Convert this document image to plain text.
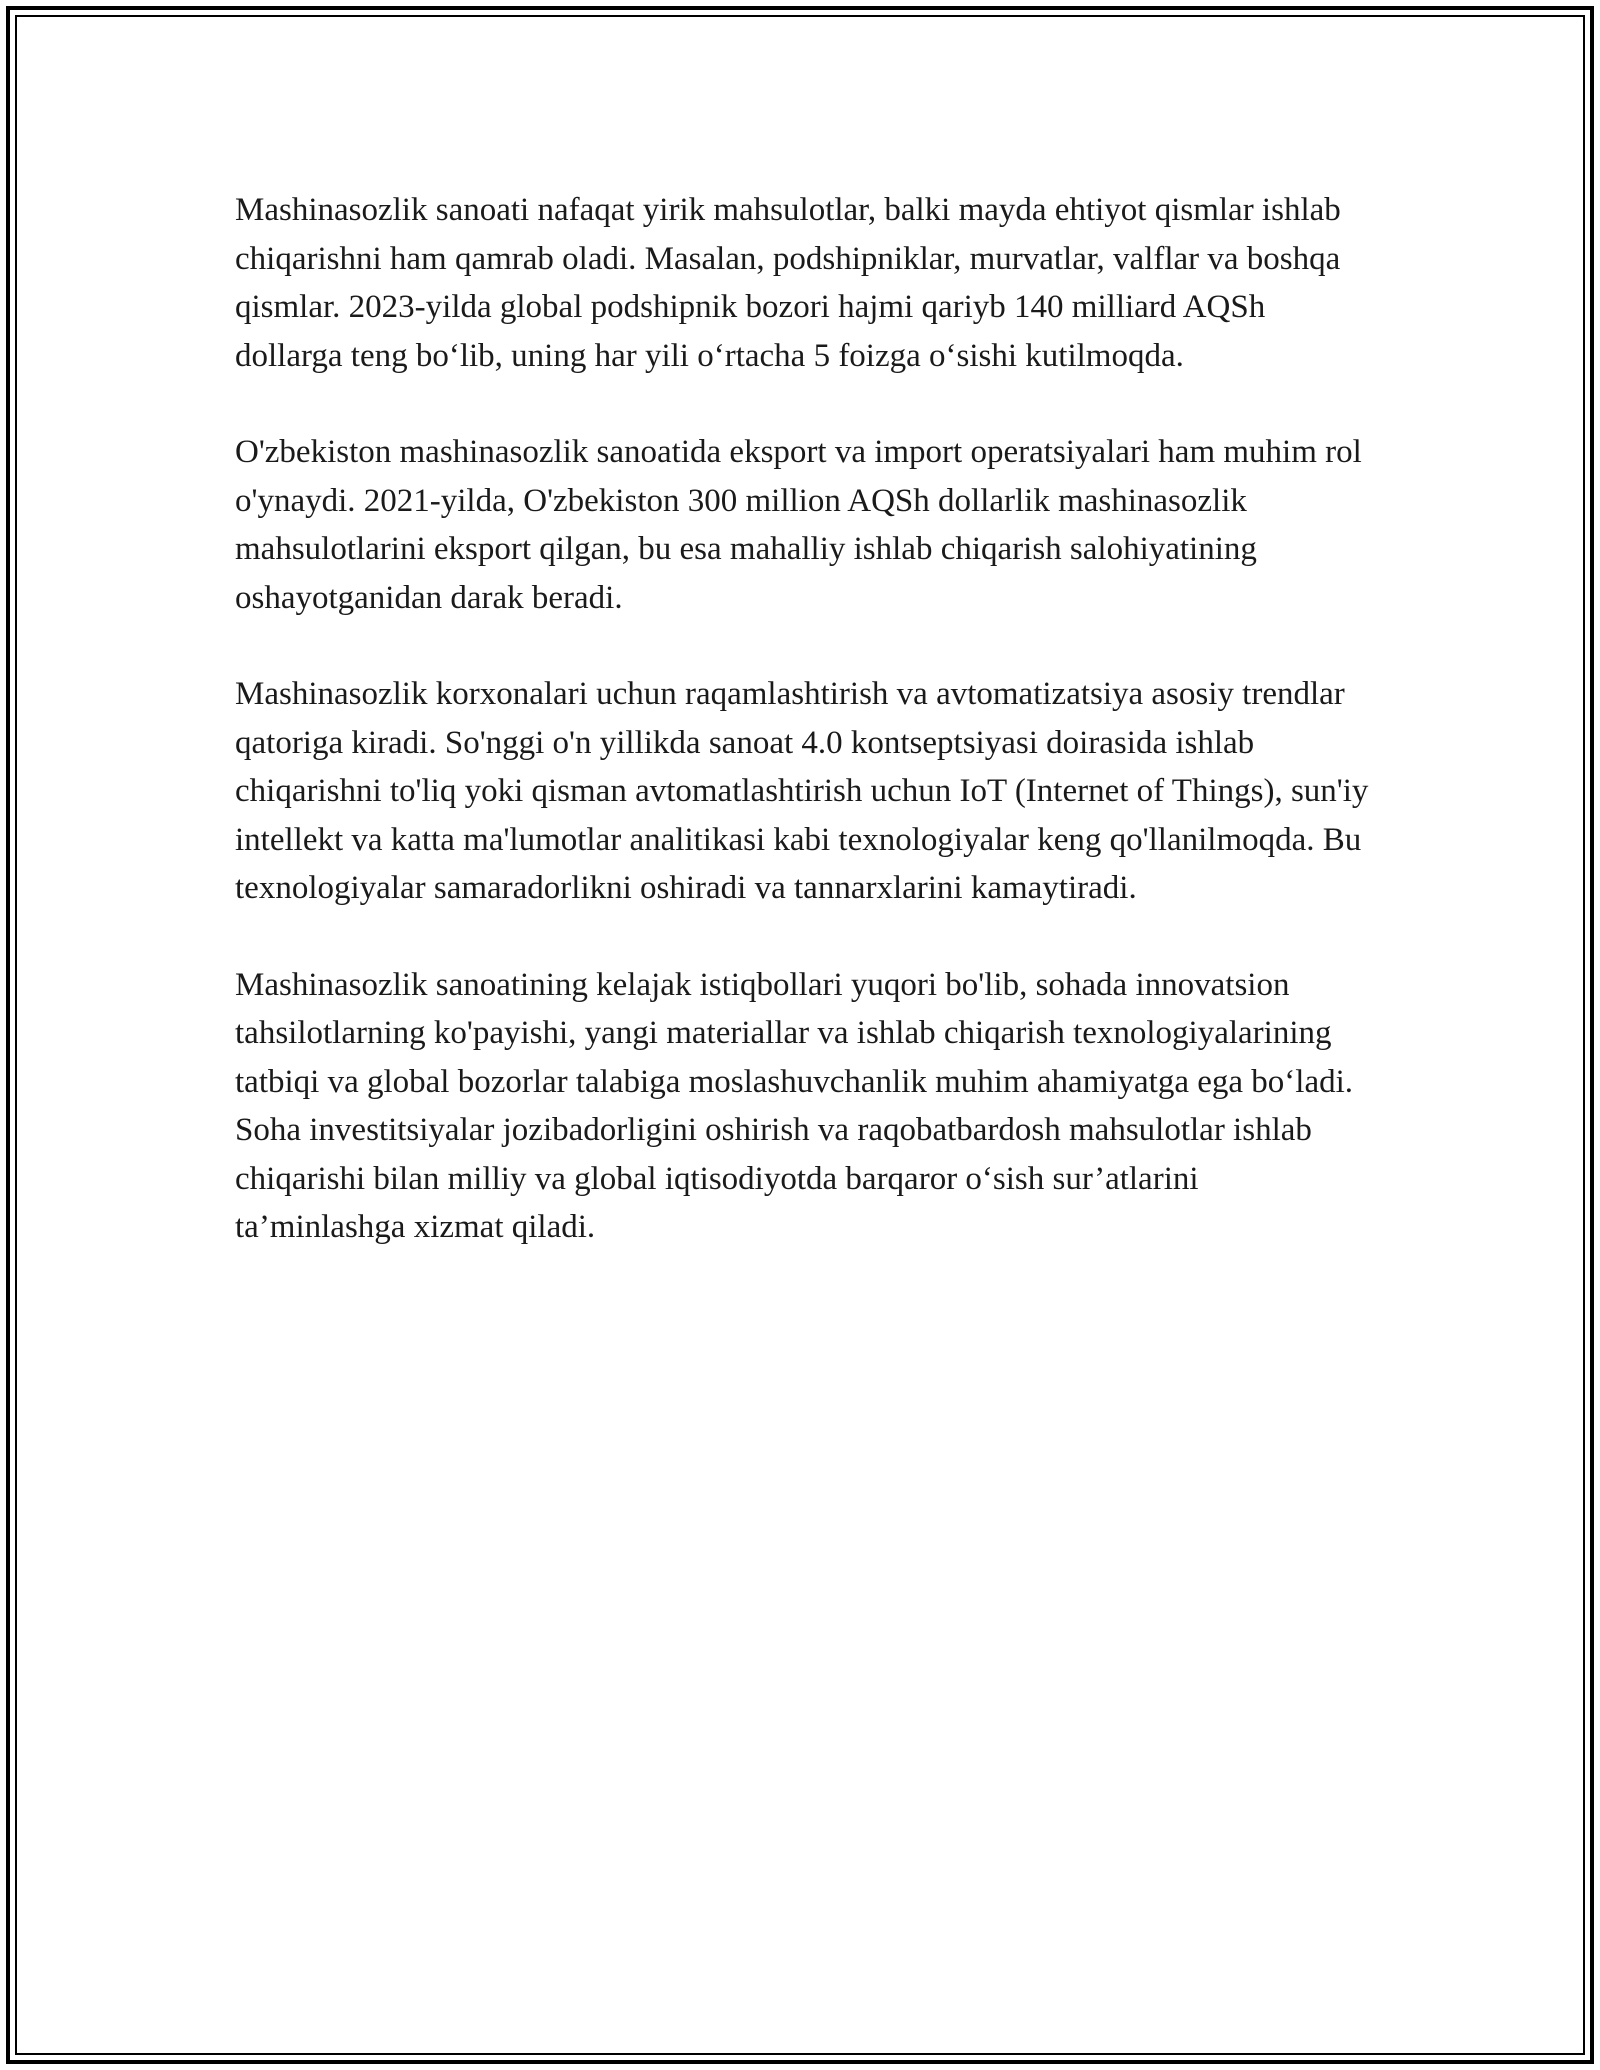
Mashinasozlik sanoati nafaqat yirik mahsulotlar, balki mayda ehtiyot qismlar ishlab chiqarishni ham qamrab oladi. Masalan, podshipniklar, murvatlar, valflar va boshqa qismlar. 2023-yilda global podshipnik bozori hajmi qariyb 140 milliard AQSh dollarga teng bo‘lib, uning har yili o‘rtacha 5 foizga o‘sishi kutilmoqda.

O'zbekiston mashinasozlik sanoatida eksport va import operatsiyalari ham muhim rol o'ynaydi. 2021-yilda, O'zbekiston 300 million AQSh dollarlik mashinasozlik mahsulotlarini eksport qilgan, bu esa mahalliy ishlab chiqarish salohiyatining oshayotganidan darak beradi.

Mashinasozlik korxonalari uchun raqamlashtirish va avtomatizatsiya asosiy trendlar qatoriga kiradi. So'nggi o'n yillikda sanoat 4.0 kontseptsiyasi doirasida ishlab chiqarishni to'liq yoki qisman avtomatlashtirish uchun IoT (Internet of Things), sun'iy intellekt va katta ma'lumotlar analitikasi kabi texnologiyalar keng qo'llanilmoqda. Bu texnologiyalar samaradorlikni oshiradi va tannarxlarini kamaytiradi.

Mashinasozlik sanoatining kelajak istiqbollari yuqori bo'lib, sohada innovatsion tahsilotlarning ko'payishi, yangi materiallar va ishlab chiqarish texnologiyalarining tatbiqi va global bozorlar talabiga moslashuvchanlik muhim ahamiyatga ega bo‘ladi. Soha investitsiyalar jozibadorligini oshirish va raqobatbardosh mahsulotlar ishlab chiqarishi bilan milliy va global iqtisodiyotda barqaror o‘sish sur’atlarini ta’minlashga xizmat qiladi.
